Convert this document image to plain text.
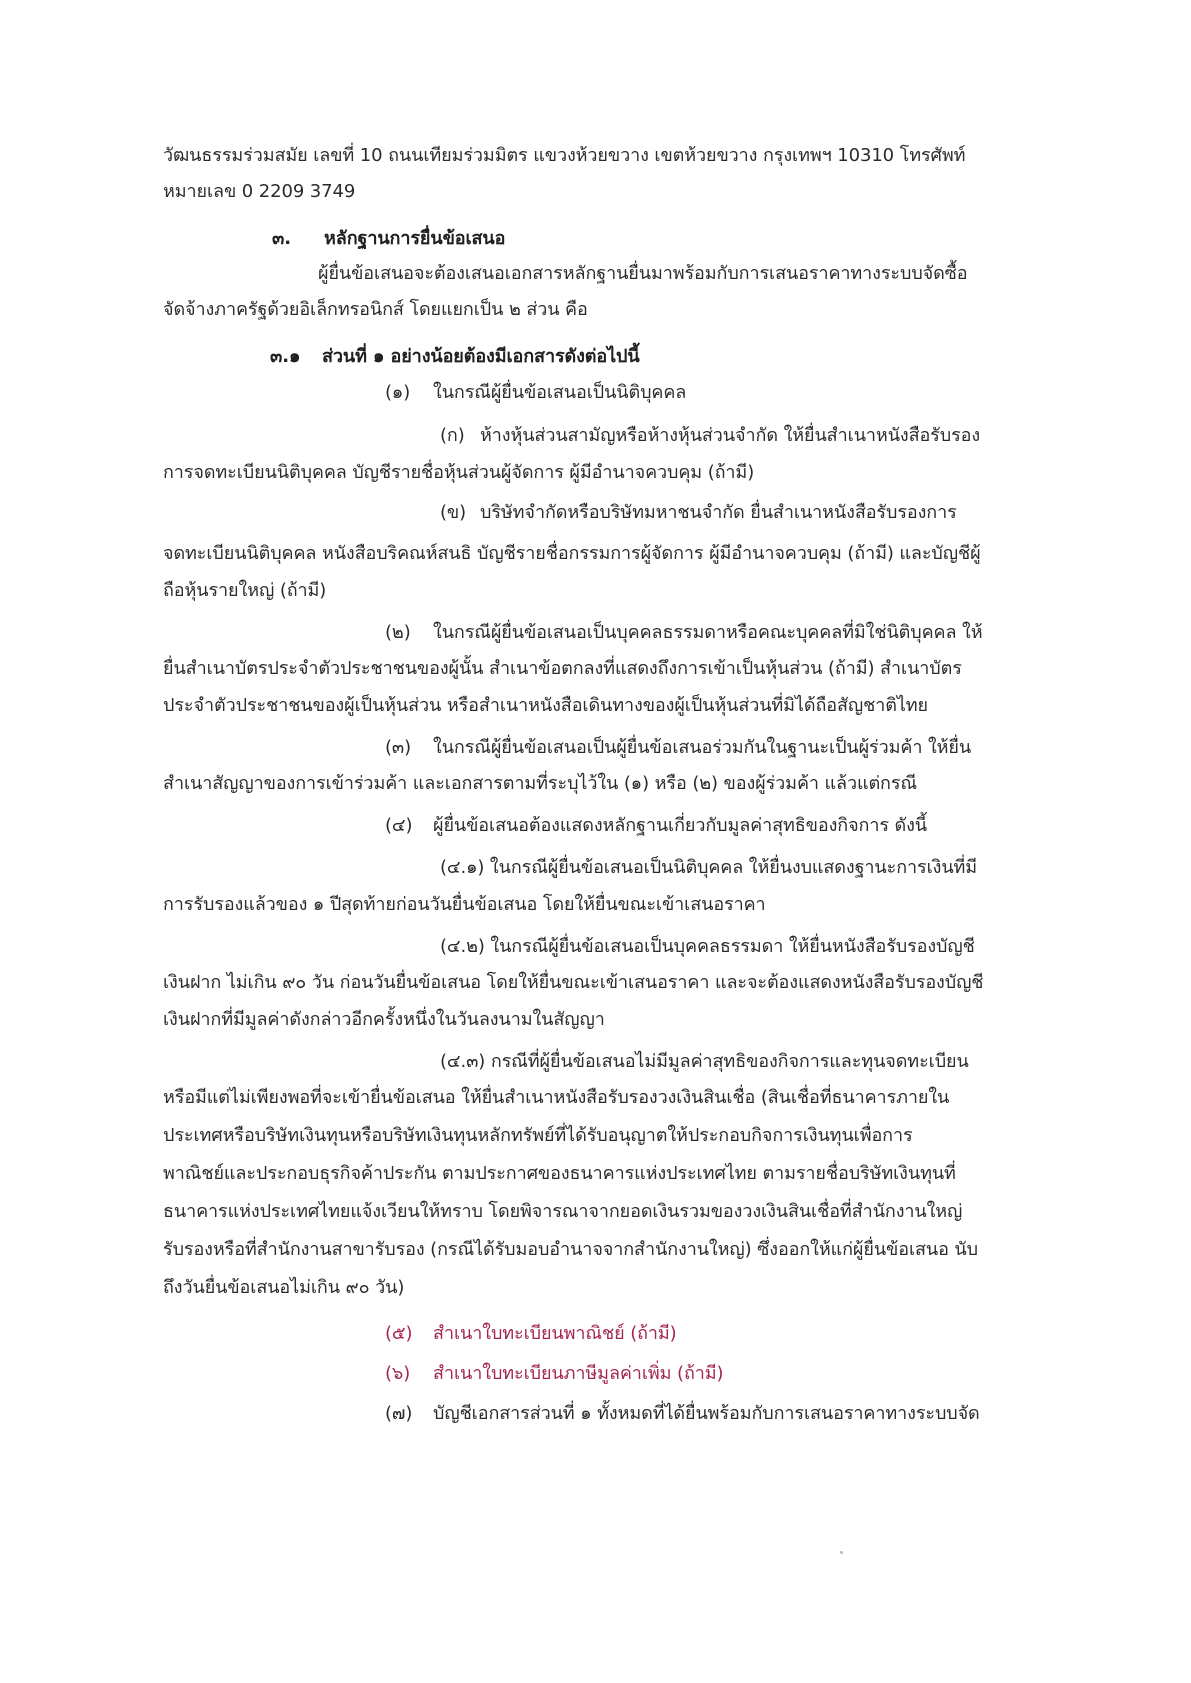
วัฒนธรรมร่วมสมัย เลขที่ 10 ถนนเทียมร่วมมิตร แขวงห้วยขวาง เขตห้วยขวาง กรุงเทพฯ 10310 โทรศัพท์
หมายเลข 0 2209 3749
๓. หลักฐานการยื่นข้อเสนอ
ผู้ยื่นข้อเสนอจะต้องเสนอเอกสารหลักฐานยื่นมาพร้อมกับการเสนอราคาทางระบบจัดซื้อ
จัดจ้างภาครัฐด้วยอิเล็กทรอนิกส์ โดยแยกเป็น ๒ ส่วน คือ
๓.๑ ส่วนที่ ๑ อย่างน้อยต้องมีเอกสารดังต่อไปนี้
(๑) ในกรณีผู้ยื่นข้อเสนอเป็นนิติบุคคล
(ก) ห้างหุ้นส่วนสามัญหรือห้างหุ้นส่วนจำกัด ให้ยื่นสำเนาหนังสือรับรอง
การจดทะเบียนนิติบุคคล บัญชีรายชื่อหุ้นส่วนผู้จัดการ ผู้มีอำนาจควบคุม (ถ้ามี)
(ข) บริษัทจำกัดหรือบริษัทมหาชนจำกัด ยื่นสำเนาหนังสือรับรองการ
จดทะเบียนนิติบุคคล หนังสือบริคณห์สนธิ บัญชีรายชื่อกรรมการผู้จัดการ ผู้มีอำนาจควบคุม (ถ้ามี) และบัญชีผู้
ถือหุ้นรายใหญ่ (ถ้ามี)
(๒) ในกรณีผู้ยื่นข้อเสนอเป็นบุคคลธรรมดาหรือคณะบุคคลที่มิใช่นิติบุคคล ให้
ยื่นสำเนาบัตรประจำตัวประชาชนของผู้นั้น สำเนาข้อตกลงที่แสดงถึงการเข้าเป็นหุ้นส่วน (ถ้ามี) สำเนาบัตร
ประจำตัวประชาชนของผู้เป็นหุ้นส่วน หรือสำเนาหนังสือเดินทางของผู้เป็นหุ้นส่วนที่มิได้ถือสัญชาติไทย
(๓) ในกรณีผู้ยื่นข้อเสนอเป็นผู้ยื่นข้อเสนอร่วมกันในฐานะเป็นผู้ร่วมค้า ให้ยื่น
สำเนาสัญญาของการเข้าร่วมค้า และเอกสารตามที่ระบุไว้ใน (๑) หรือ (๒) ของผู้ร่วมค้า แล้วแต่กรณี
(๔) ผู้ยื่นข้อเสนอต้องแสดงหลักฐานเกี่ยวกับมูลค่าสุทธิของกิจการ ดังนี้
(๔.๑) ในกรณีผู้ยื่นข้อเสนอเป็นนิติบุคคล ให้ยื่นงบแสดงฐานะการเงินที่มี
การรับรองแล้วของ ๑ ปีสุดท้ายก่อนวันยื่นข้อเสนอ โดยให้ยื่นขณะเข้าเสนอราคา
(๔.๒) ในกรณีผู้ยื่นข้อเสนอเป็นบุคคลธรรมดา ให้ยื่นหนังสือรับรองบัญชี
เงินฝาก ไม่เกิน ๙๐ วัน ก่อนวันยื่นข้อเสนอ โดยให้ยื่นขณะเข้าเสนอราคา และจะต้องแสดงหนังสือรับรองบัญชี
เงินฝากที่มีมูลค่าดังกล่าวอีกครั้งหนึ่งในวันลงนามในสัญญา
(๔.๓) กรณีที่ผู้ยื่นข้อเสนอไม่มีมูลค่าสุทธิของกิจการและทุนจดทะเบียน
หรือมีแต่ไม่เพียงพอที่จะเข้ายื่นข้อเสนอ ให้ยื่นสำเนาหนังสือรับรองวงเงินสินเชื่อ (สินเชื่อที่ธนาคารภายใน
ประเทศหรือบริษัทเงินทุนหรือบริษัทเงินทุนหลักทรัพย์ที่ได้รับอนุญาตให้ประกอบกิจการเงินทุนเพื่อการ
พาณิชย์และประกอบธุรกิจค้าประกัน ตามประกาศของธนาคารแห่งประเทศไทย ตามรายชื่อบริษัทเงินทุนที่
ธนาคารแห่งประเทศไทยแจ้งเวียนให้ทราบ โดยพิจารณาจากยอดเงินรวมของวงเงินสินเชื่อที่สำนักงานใหญ่
รับรองหรือที่สำนักงานสาขารับรอง (กรณีได้รับมอบอำนาจจากสำนักงานใหญ่) ซึ่งออกให้แก่ผู้ยื่นข้อเสนอ นับ
ถึงวันยื่นข้อเสนอไม่เกิน ๙๐ วัน)
(๕) สำเนาใบทะเบียนพาณิชย์ (ถ้ามี)
(๖) สำเนาใบทะเบียนภาษีมูลค่าเพิ่ม (ถ้ามี)
(๗) บัญชีเอกสารส่วนที่ ๑ ทั้งหมดที่ได้ยื่นพร้อมกับการเสนอราคาทางระบบจัด
